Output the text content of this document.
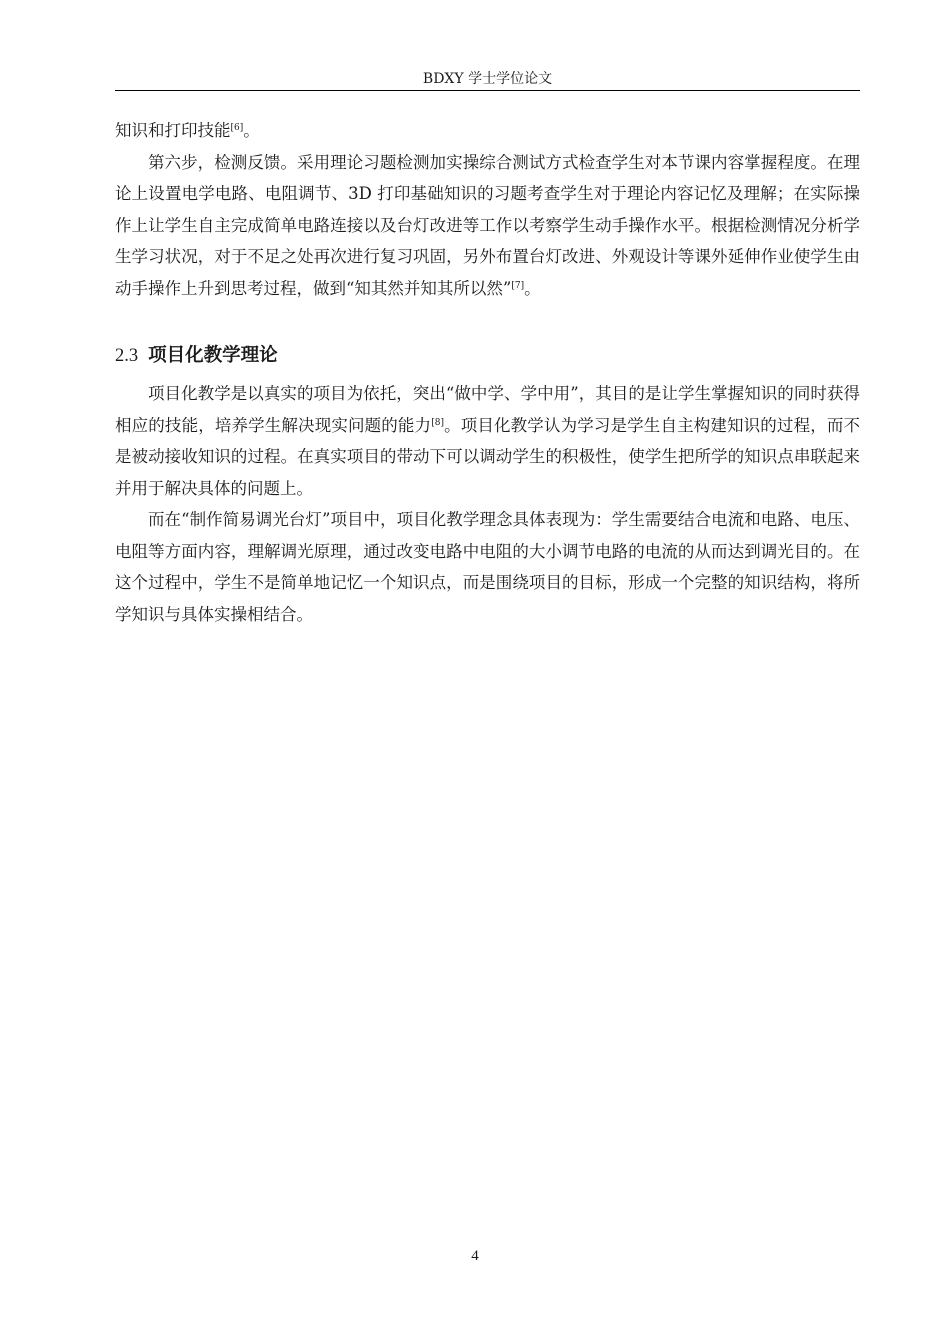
BDXY 学士学位论文

知识和打印技能[6]。

第六步，检测反馈。采用理论习题检测加实操综合测试方式检查学生对本节课内容掌握程度。在理论上设置电学电路、电阻调节、3D 打印基础知识的习题考查学生对于理论内容记忆及理解；在实际操作上让学生自主完成简单电路连接以及台灯改进等工作以考察学生动手操作水平。根据检测情况分析学生学习状况，对于不足之处再次进行复习巩固，另外布置台灯改进、外观设计等课外延伸作业使学生由动手操作上升到思考过程，做到“知其然并知其所以然”[7]。

2.3 项目化教学理论

项目化教学是以真实的项目为依托，突出“做中学、学中用”，其目的是让学生掌握知识的同时获得相应的技能，培养学生解决现实问题的能力[8]。项目化教学认为学习是学生自主构建知识的过程，而不是被动接收知识的过程。在真实项目的带动下可以调动学生的积极性，使学生把所学的知识点串联起来并用于解决具体的问题上。

而在“制作简易调光台灯”项目中，项目化教学理念具体表现为：学生需要结合电流和电路、电压、电阻等方面内容，理解调光原理，通过改变电路中电阻的大小调节电路的电流的从而达到调光目的。在这个过程中，学生不是简单地记忆一个知识点，而是围绕项目的目标，形成一个完整的知识结构，将所学知识与具体实操相结合。

4
